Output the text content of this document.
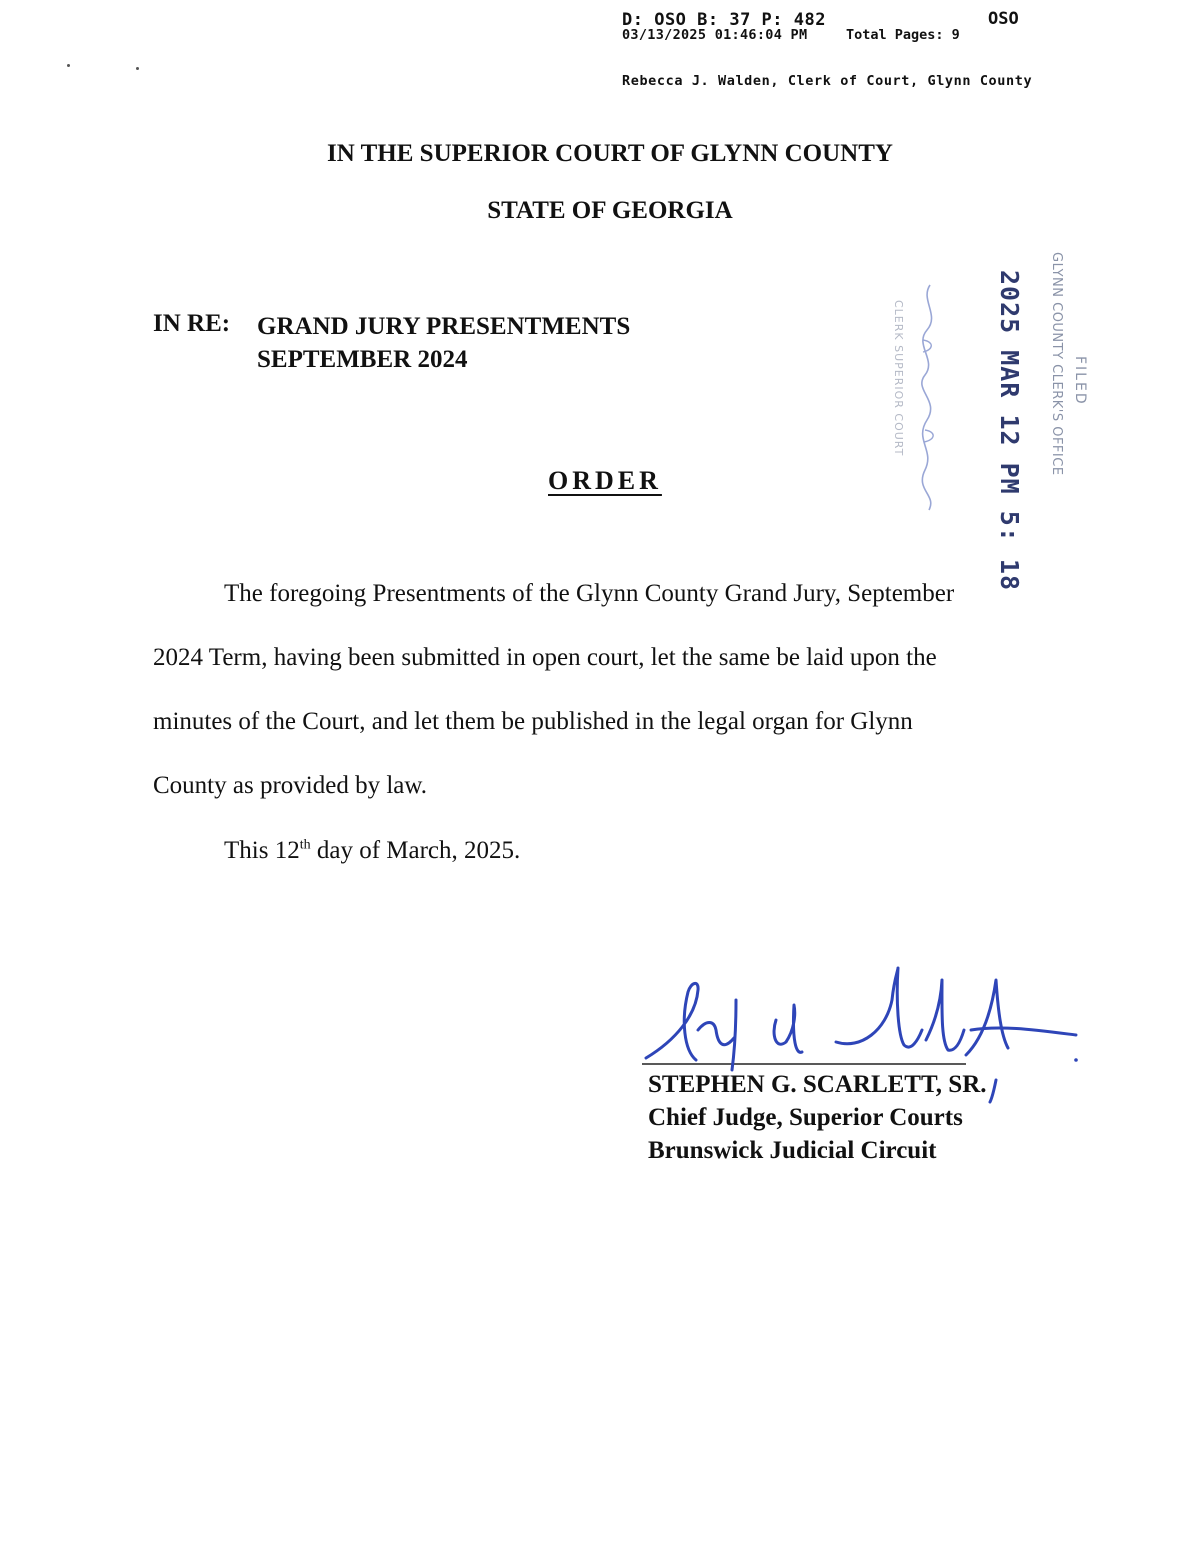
D: OSO B: 37 P: 482	OSO
03/13/2025 01:46:04 PM	Total Pages: 9
Rebecca J. Walden, Clerk of Court, Glynn County
IN THE SUPERIOR COURT OF GLYNN COUNTY
STATE OF GEORGIA
IN RE: GRAND JURY PRESENTMENTS
SEPTEMBER 2024	FILED
GLYNN COUNTY CLERK'S OFFICE
2025 MAR 12 PM 5: 18
CLERK SUPERIOR COURT
ORDER
The foregoing Presentments of the Glynn County Grand Jury, September
2024 Term, having been submitted in open court, let the same be laid upon the
minutes of the Court, and let them be published in the legal organ for Glynn
County as provided by law.
This 12th day of March, 2025.
STEPHEN G. SCARLETT, SR.
Chief Judge, Superior Courts
Brunswick Judicial Circuit
